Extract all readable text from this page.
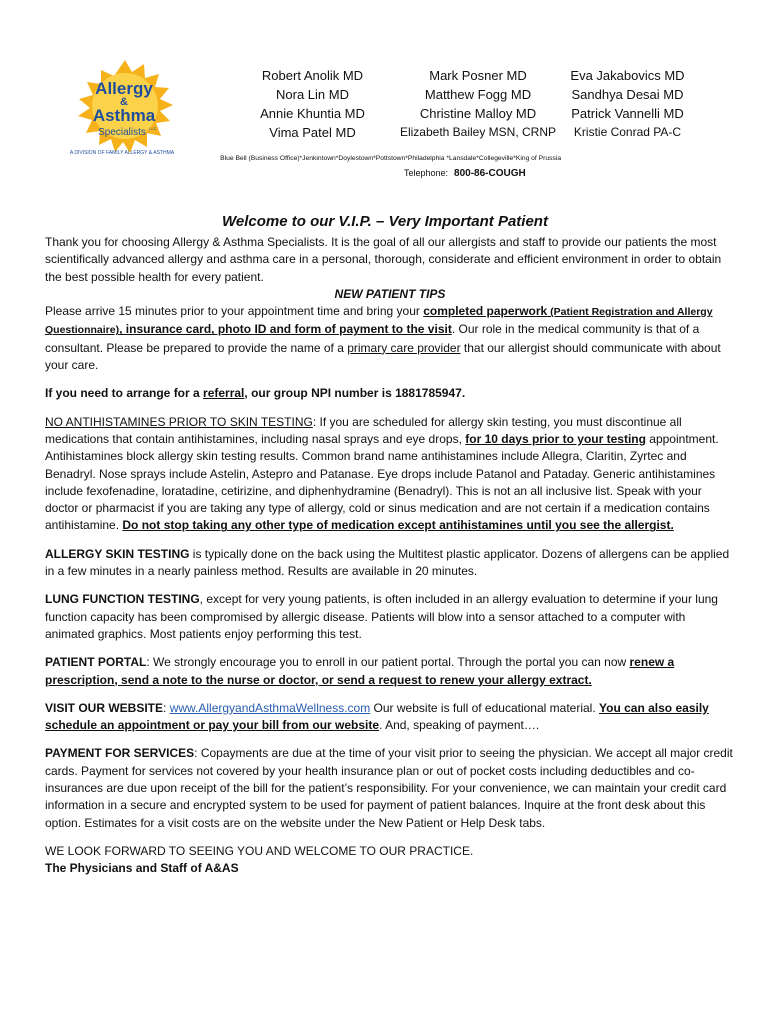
Allergy
&
Asthma
Specialists LLC
A DIVISION OF FAMILY ALLERGY & ASTHMA
Robert Anolik MD
Nora Lin MD
Annie Khuntia MD
Vima Patel MD
Mark Posner MD
Matthew Fogg MD
Christine Malloy MD
Elizabeth Bailey MSN, CRNP
Eva Jakabovics MD
Sandhya Desai MD
Patrick Vannelli MD
Kristie Conrad PA-C
Blue Bell (Business Office)*Jenkintown*Doylestown*Pottstown*Philadelphia *Lansdale*Collegeville*King of Prussia
Telephone: 800-86-COUGH
Welcome to our V.I.P. – Very Important Patient

Thank you for choosing Allergy & Asthma Specialists. It is the goal of all our allergists and staff to provide our patients the most scientifically advanced allergy and asthma care in a personal, thorough, considerate and efficient environment in order to obtain the best possible health for every patient.

NEW PATIENT TIPS

Please arrive 15 minutes prior to your appointment time and bring your completed paperwork (Patient Registration and Allergy Questionnaire), insurance card, photo ID and form of payment to the visit. Our role in the medical community is that of a consultant. Please be prepared to provide the name of a primary care provider that our allergist should communicate with about your care.

If you need to arrange for a referral, our group NPI number is 1881785947.

NO ANTIHISTAMINES PRIOR TO SKIN TESTING: If you are scheduled for allergy skin testing, you must discontinue all medications that contain antihistamines, including nasal sprays and eye drops, for 10 days prior to your testing appointment. Antihistamines block allergy skin testing results. Common brand name antihistamines include Allegra, Claritin, Zyrtec and Benadryl. Nose sprays include Astelin, Astepro and Patanase. Eye drops include Patanol and Pataday. Generic antihistamines include fexofenadine, loratadine, cetirizine, and diphenhydramine (Benadryl). This is not an all inclusive list. Speak with your doctor or pharmacist if you are taking any type of allergy, cold or sinus medication and are not certain if a medication contains antihistamine. Do not stop taking any other type of medication except antihistamines until you see the allergist.

ALLERGY SKIN TESTING is typically done on the back using the Multitest plastic applicator. Dozens of allergens can be applied in a few minutes in a nearly painless method. Results are available in 20 minutes.

LUNG FUNCTION TESTING, except for very young patients, is often included in an allergy evaluation to determine if your lung function capacity has been compromised by allergic disease. Patients will blow into a sensor attached to a computer with animated graphics. Most patients enjoy performing this test.

PATIENT PORTAL: We strongly encourage you to enroll in our patient portal. Through the portal you can now renew a prescription, send a note to the nurse or doctor, or send a request to renew your allergy extract.

VISIT OUR WEBSITE: www.AllergyandAsthmaWellness.com Our website is full of educational material. You can also easily schedule an appointment or pay your bill from our website. And, speaking of payment….

PAYMENT FOR SERVICES: Copayments are due at the time of your visit prior to seeing the physician. We accept all major credit cards. Payment for services not covered by your health insurance plan or out of pocket costs including deductibles and co-insurances are due upon receipt of the bill for the patient’s responsibility. For your convenience, we can maintain your credit card information in a secure and encrypted system to be used for payment of patient balances. Inquire at the front desk about this option. Estimates for a visit costs are on the website under the New Patient or Help Desk tabs.

WE LOOK FORWARD TO SEEING YOU AND WELCOME TO OUR PRACTICE.

The Physicians and Staff of A&AS
